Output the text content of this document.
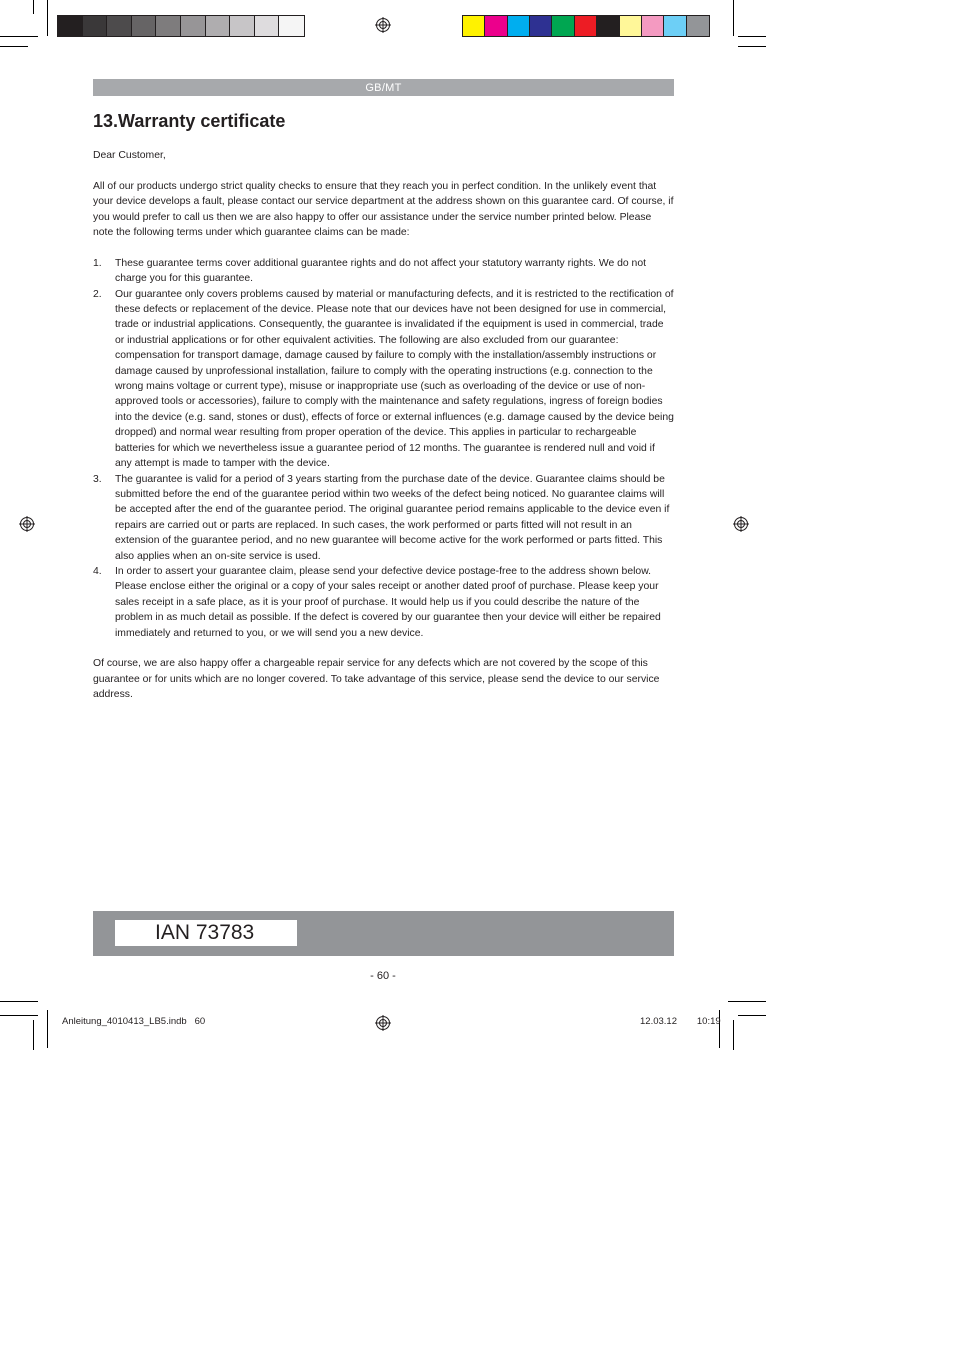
GB/MT
13.Warranty certificate

Dear Customer,

All of our products undergo strict quality checks to ensure that they reach you in perfect condition. In the unlikely event that your device develops a fault, please contact our service department at the address shown on this guarantee card. Of course, if you would prefer to call us then we are also happy to offer our assistance under the service number printed below. Please note the following terms under which guarantee claims can be made:

1. These guarantee terms cover additional guarantee rights and do not affect your statutory warranty rights. We do not charge you for this guarantee.
2. Our guarantee only covers problems caused by material or manufacturing defects, and it is restricted to the rectification of these defects or replacement of the device. Please note that our devices have not been designed for use in commercial, trade or industrial applications. Consequently, the guarantee is invalidated if the equipment is used in commercial, trade or industrial applications or for other equivalent activities. The following are also excluded from our guarantee: compensation for transport damage, damage caused by failure to comply with the installation/assembly instructions or damage caused by unprofessional installation, failure to comply with the operating instructions (e.g. connection to the wrong mains voltage or current type), misuse or inappropriate use (such as overloading of the device or use of non-approved tools or accessories), failure to comply with the maintenance and safety regulations, ingress of foreign bodies into the device (e.g. sand, stones or dust), effects of force or external influences (e.g. damage caused by the device being dropped) and normal wear resulting from proper operation of the device. This applies in particular to rechargeable batteries for which we nevertheless issue a guarantee period of 12 months. The guarantee is rendered null and void if any attempt is made to tamper with the device.
3. The guarantee is valid for a period of 3 years starting from the purchase date of the device. Guarantee claims should be submitted before the end of the guarantee period within two weeks of the defect being noticed. No guarantee claims will be accepted after the end of the guarantee period. The original guarantee period remains applicable to the device even if repairs are carried out or parts are replaced. In such cases, the work performed or parts fitted will not result in an extension of the guarantee period, and no new guarantee will become active for the work performed or parts fitted. This also applies when an on-site service is used.
4. In order to assert your guarantee claim, please send your defective device postage-free to the address shown below. Please enclose either the original or a copy of your sales receipt or another dated proof of purchase. Please keep your sales receipt in a safe place, as it is your proof of purchase. It would help us if you could describe the nature of the problem in as much detail as possible. If the defect is covered by our guarantee then your device will either be repaired immediately and returned to you, or we will send you a new device.

Of course, we are also happy offer a chargeable repair service for any defects which are not covered by the scope of this guarantee or for units which are no longer covered. To take advantage of this service, please send the device to our service address.

IAN 73783
- 60 -
Anleitung_4010413_LB5.indb   60	12.03.12   10:19
